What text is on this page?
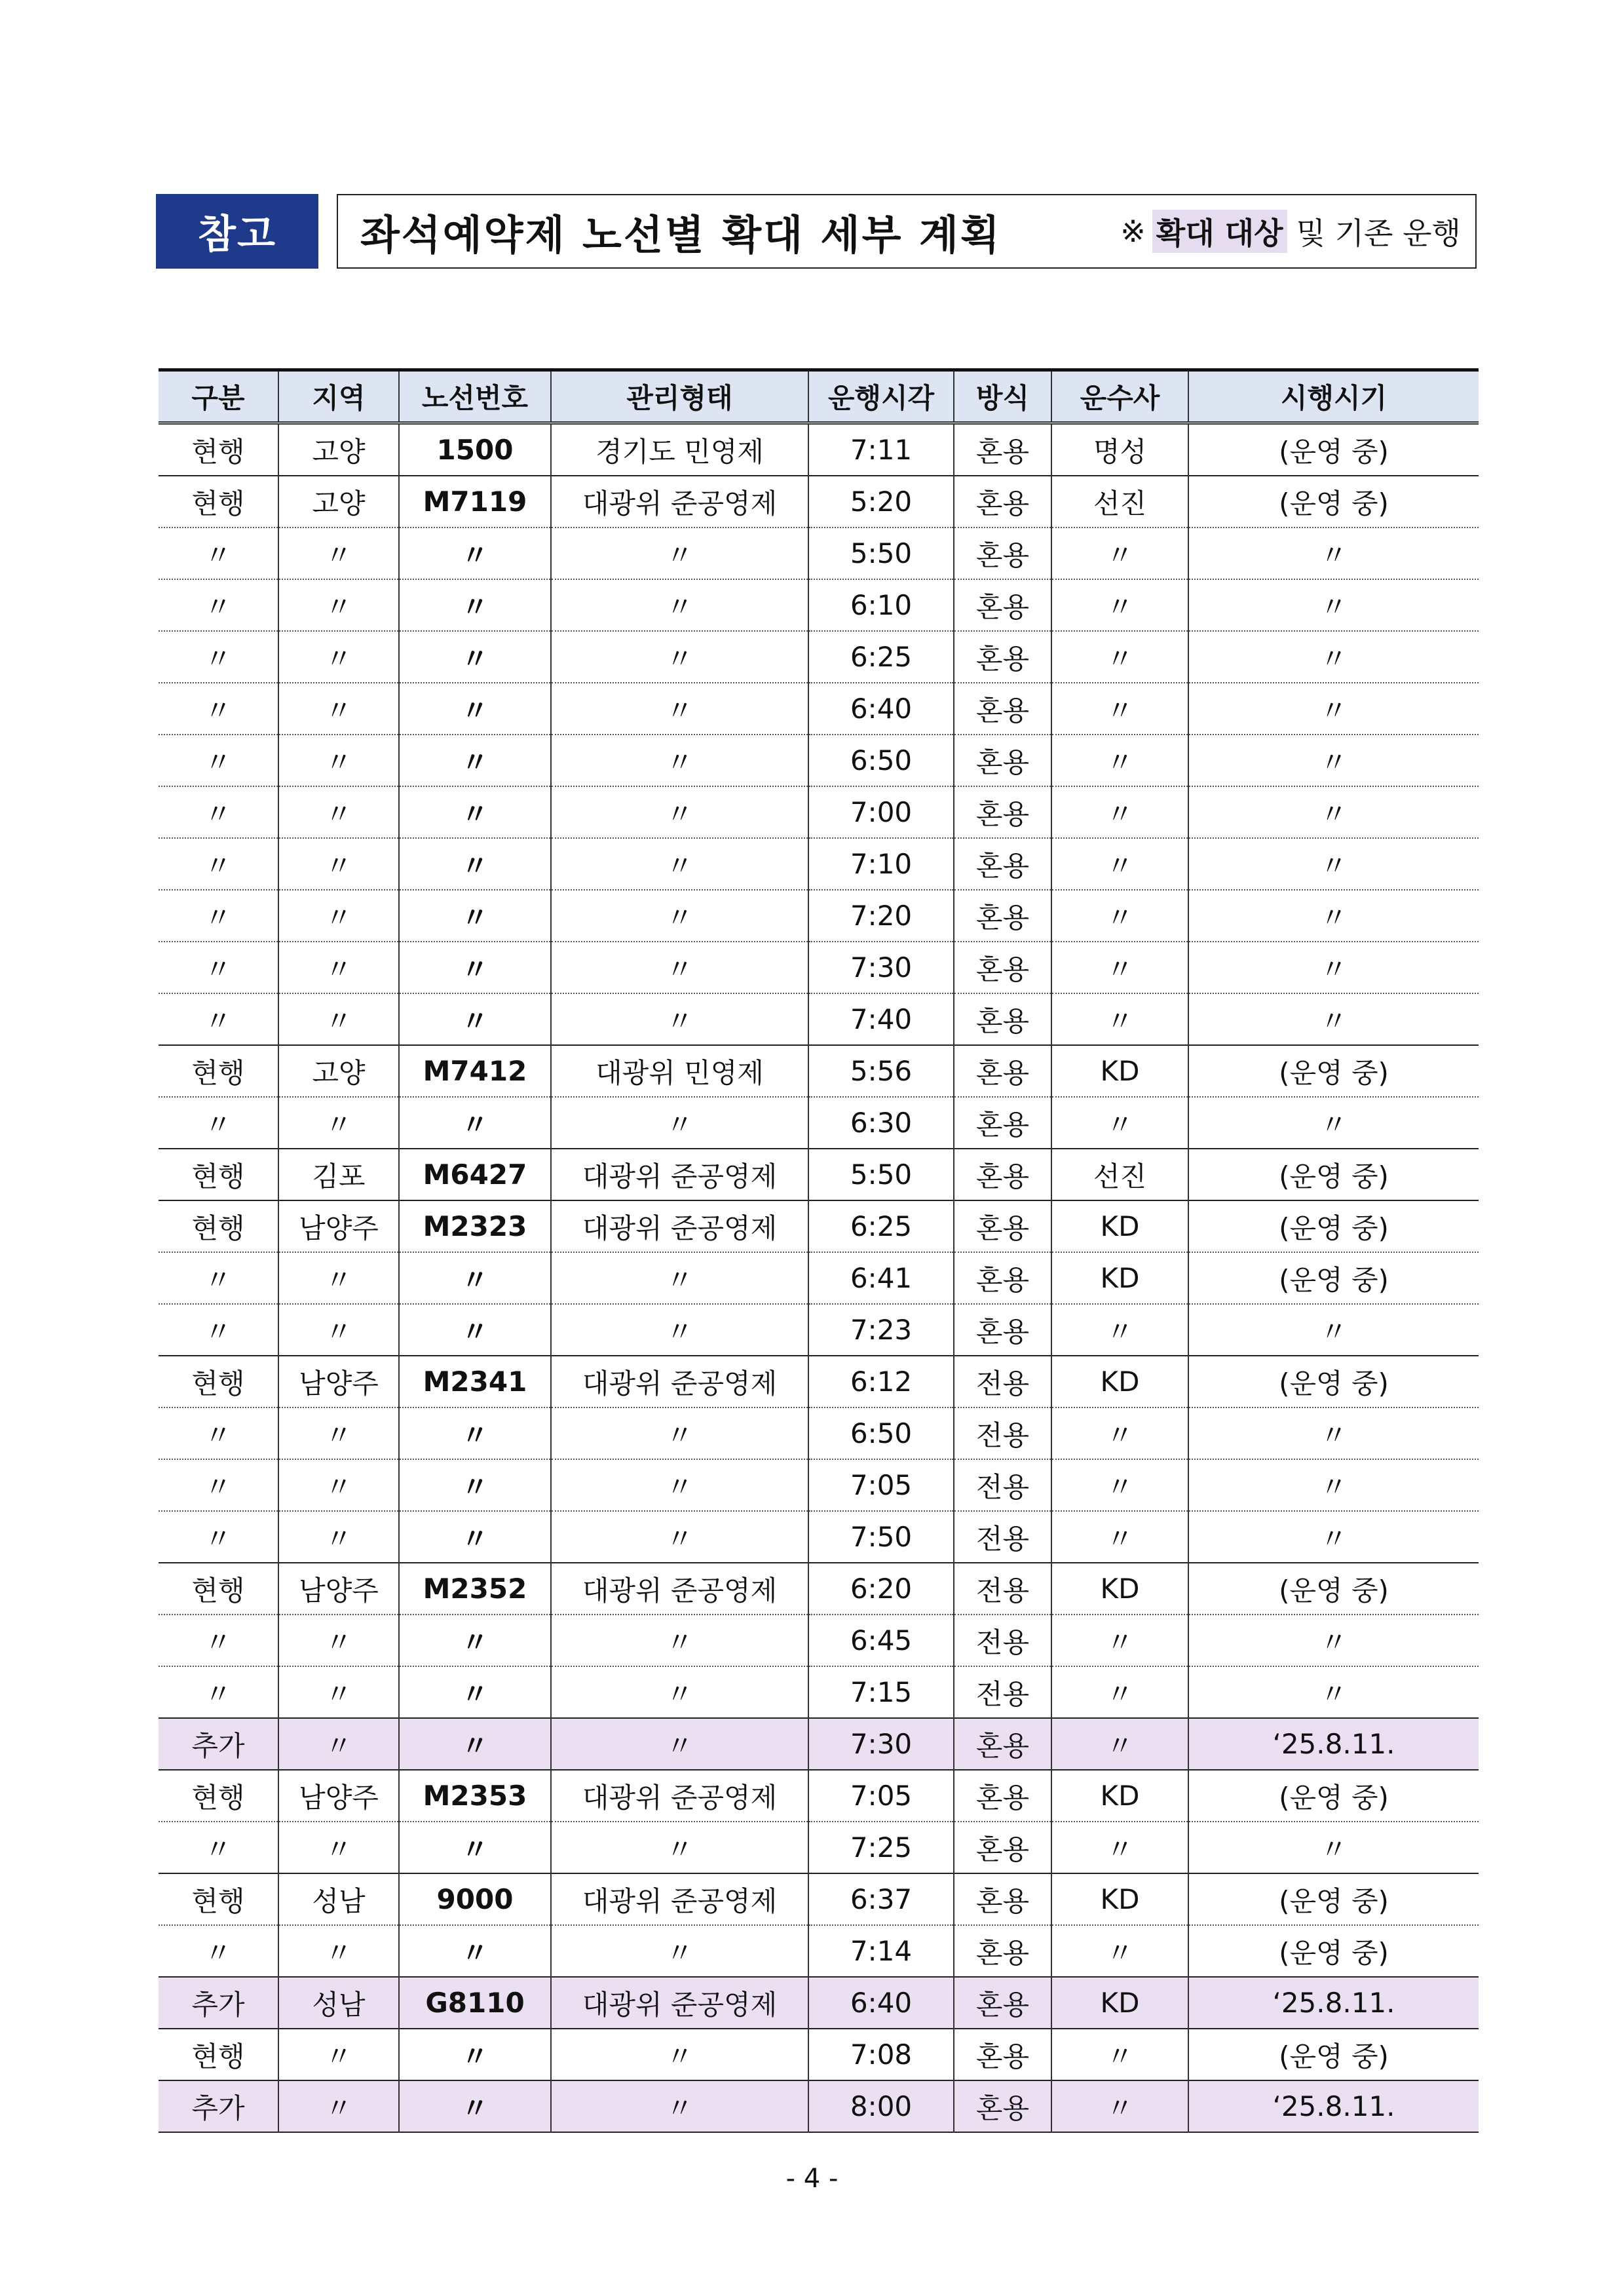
참고	좌석예약제 노선별 확대 세부 계획	※ 확대 대상 및 기존 운행
구분	지역	노선번호	관리형태	운행시각	방식	운수사	시행시기
현행	고양	1500	경기도 민영제	7:11	혼용	명성	(운영 중)
현행	고양	M7119	대광위 준공영제	5:20	혼용	선진	(운영 중)
〃	〃	〃	〃	5:50	혼용	〃	〃
〃	〃	〃	〃	6:10	혼용	〃	〃
〃	〃	〃	〃	6:25	혼용	〃	〃
〃	〃	〃	〃	6:40	혼용	〃	〃
〃	〃	〃	〃	6:50	혼용	〃	〃
〃	〃	〃	〃	7:00	혼용	〃	〃
〃	〃	〃	〃	7:10	혼용	〃	〃
〃	〃	〃	〃	7:20	혼용	〃	〃
〃	〃	〃	〃	7:30	혼용	〃	〃
〃	〃	〃	〃	7:40	혼용	〃	〃
현행	고양	M7412	대광위 민영제	5:56	혼용	KD	(운영 중)
〃	〃	〃	〃	6:30	혼용	〃	〃
현행	김포	M6427	대광위 준공영제	5:50	혼용	선진	(운영 중)
현행	남양주	M2323	대광위 준공영제	6:25	혼용	KD	(운영 중)
〃	〃	〃	〃	6:41	혼용	KD	(운영 중)
〃	〃	〃	〃	7:23	혼용	〃	〃
현행	남양주	M2341	대광위 준공영제	6:12	전용	KD	(운영 중)
〃	〃	〃	〃	6:50	전용	〃	〃
〃	〃	〃	〃	7:05	전용	〃	〃
〃	〃	〃	〃	7:50	전용	〃	〃
현행	남양주	M2352	대광위 준공영제	6:20	전용	KD	(운영 중)
〃	〃	〃	〃	6:45	전용	〃	〃
〃	〃	〃	〃	7:15	전용	〃	〃
추가	〃	〃	〃	7:30	혼용	〃	‘25.8.11.
현행	남양주	M2353	대광위 준공영제	7:05	혼용	KD	(운영 중)
〃	〃	〃	〃	7:25	혼용	〃	〃
현행	성남	9000	대광위 준공영제	6:37	혼용	KD	(운영 중)
〃	〃	〃	〃	7:14	혼용	〃	(운영 중)
추가	성남	G8110	대광위 준공영제	6:40	혼용	KD	‘25.8.11.
현행	〃	〃	〃	7:08	혼용	〃	(운영 중)
추가	〃	〃	〃	8:00	혼용	〃	‘25.8.11.
- 4 -
